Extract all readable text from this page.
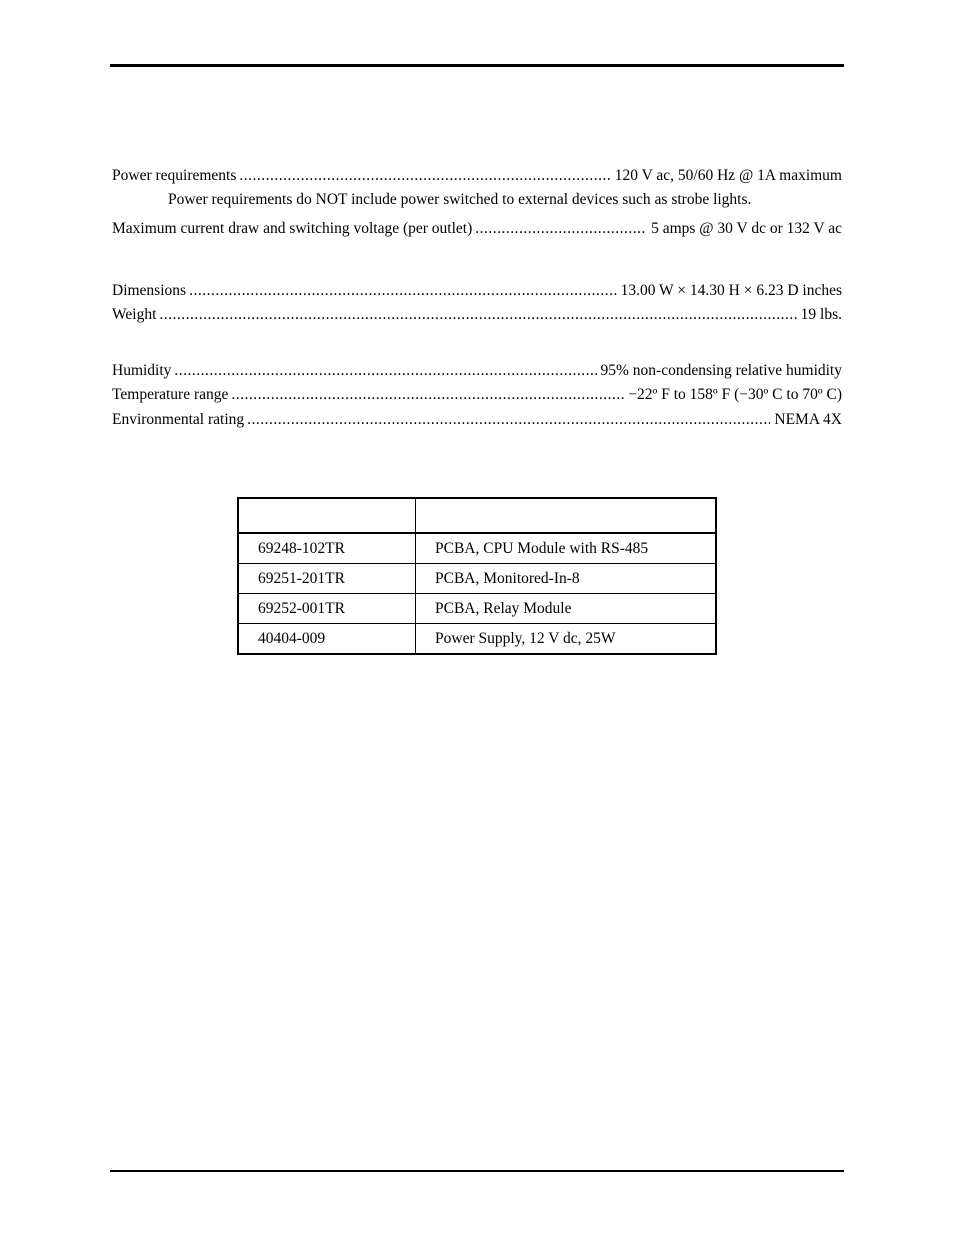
Power requirements .....	120 V ac, 50/60 Hz @ 1A maximum
Power requirements do NOT include power switched to external devices such as strobe lights.
Maximum current draw and switching voltage (per outlet) .....	5 amps @ 30 V dc or 132 V ac
Dimensions .....	13.00 W × 14.30 H × 6.23 D inches
Weight .....	19 lbs.
Humidity .....	95% non-condensing relative humidity
Temperature range .....	−22º F to 158º F (−30º C to 70º C)
Environmental rating .....	NEMA 4X

69248-102TR	PCBA, CPU Module with RS-485
69251-201TR	PCBA, Monitored-In-8
69252-001TR	PCBA, Relay Module
40404-009	Power Supply, 12 V dc, 25W
